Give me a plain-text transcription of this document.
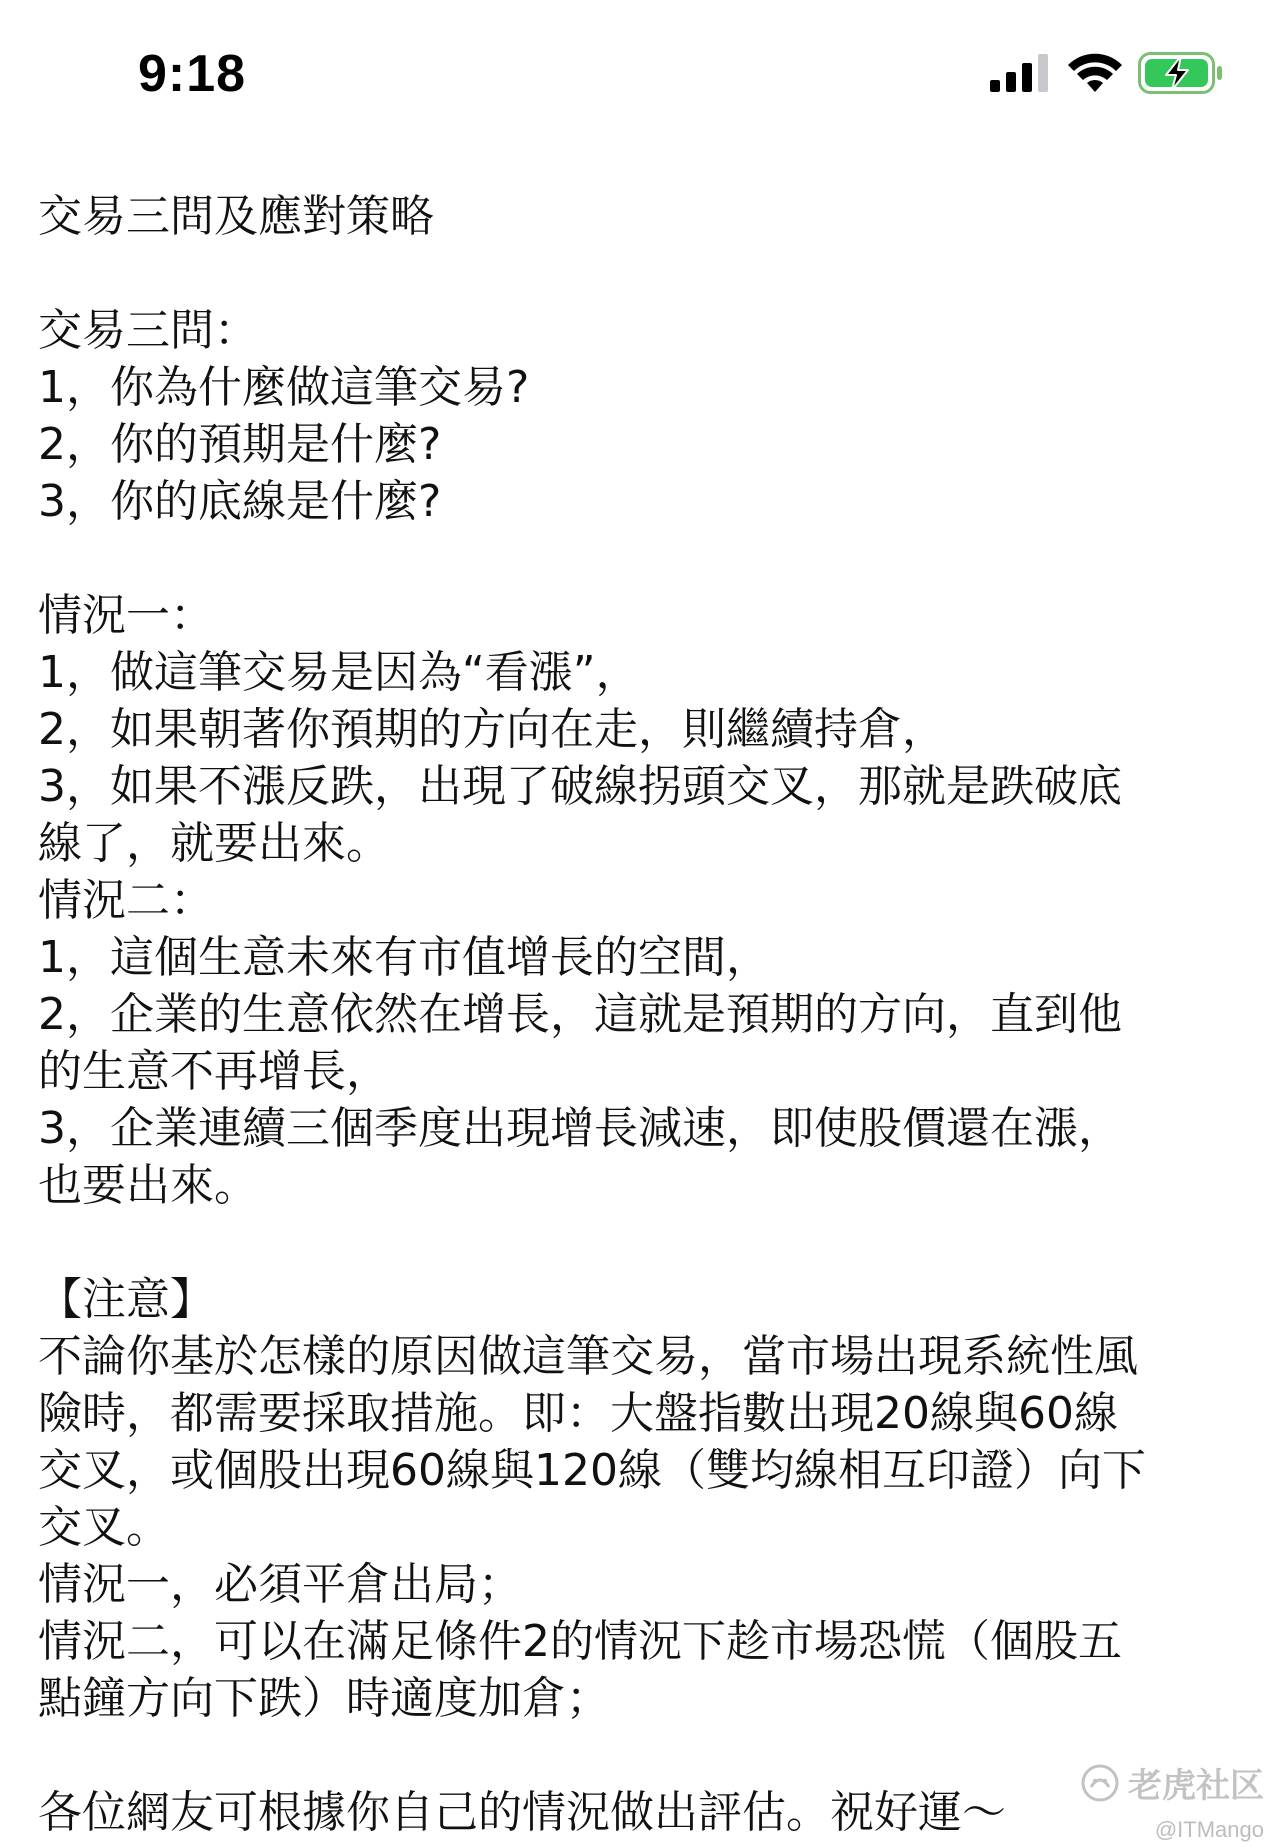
9:18
交易三問及應對策略
交易三問：
1，你為什麼做這筆交易?
2，你的預期是什麼?
3，你的底線是什麼?
情況一：
1，做這筆交易是因為“看漲”，
2，如果朝著你預期的方向在走，則繼續持倉，
3，如果不漲反跌，出現了破線拐頭交叉，那就是跌破底
線了，就要出來。
情況二：
1，這個生意未來有市值增長的空間，
2，企業的生意依然在增長，這就是預期的方向，直到他
的生意不再增長，
3，企業連續三個季度出現增長減速，即使股價還在漲，
也要出來。
【注意】
不論你基於怎樣的原因做這筆交易，當市場出現系統性風
險時，都需要採取措施。即：大盤指數出現20線與60線
交叉，或個股出現60線與120線（雙均線相互印證）向下
交叉。
情況一，必須平倉出局；
情況二，可以在滿足條件2的情況下趁市場恐慌（個股五
點鐘方向下跌）時適度加倉；
各位網友可根據你自己的情況做出評估。祝好運～
老虎社区
@ITMango
